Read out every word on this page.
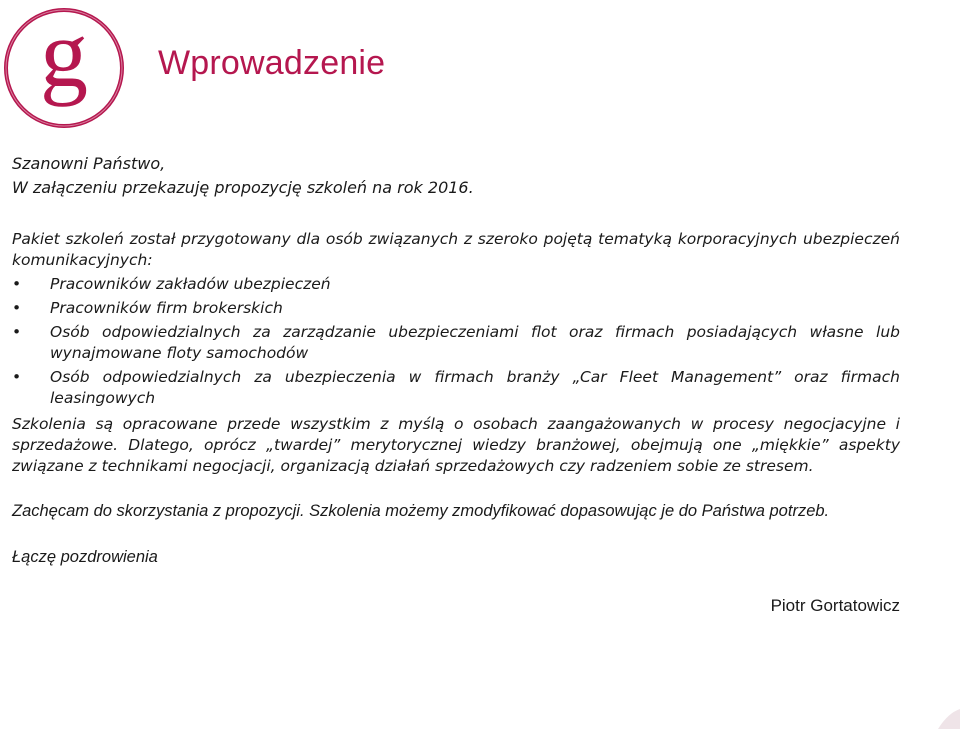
g Wprowadzenie
Szanowni Państwo,
W załączeniu przekazuję propozycję szkoleń na rok 2016.
Pakiet szkoleń został przygotowany dla osób związanych z szeroko pojętą tematyką korporacyjnych ubezpieczeń komunikacyjnych:
• Pracowników zakładów ubezpieczeń
• Pracowników firm brokerskich
• Osób odpowiedzialnych za zarządzanie ubezpieczeniami flot oraz firmach posiadających własne lub wynajmowane floty samochodów
• Osób odpowiedzialnych za ubezpieczenia w firmach branży „Car Fleet Management” oraz firmach leasingowych
Szkolenia są opracowane przede wszystkim z myślą o osobach zaangażowanych w procesy negocjacyjne i sprzedażowe. Dlatego, oprócz „twardej” merytorycznej wiedzy branżowej, obejmują one „miękkie” aspekty związane z technikami negocjacji, organizacją działań sprzedażowych czy radzeniem sobie ze stresem.
Zachęcam do skorzystania z propozycji. Szkolenia możemy zmodyfikować dopasowując je do Państwa potrzeb.
Łączę pozdrowienia
Piotr Gortatowicz
